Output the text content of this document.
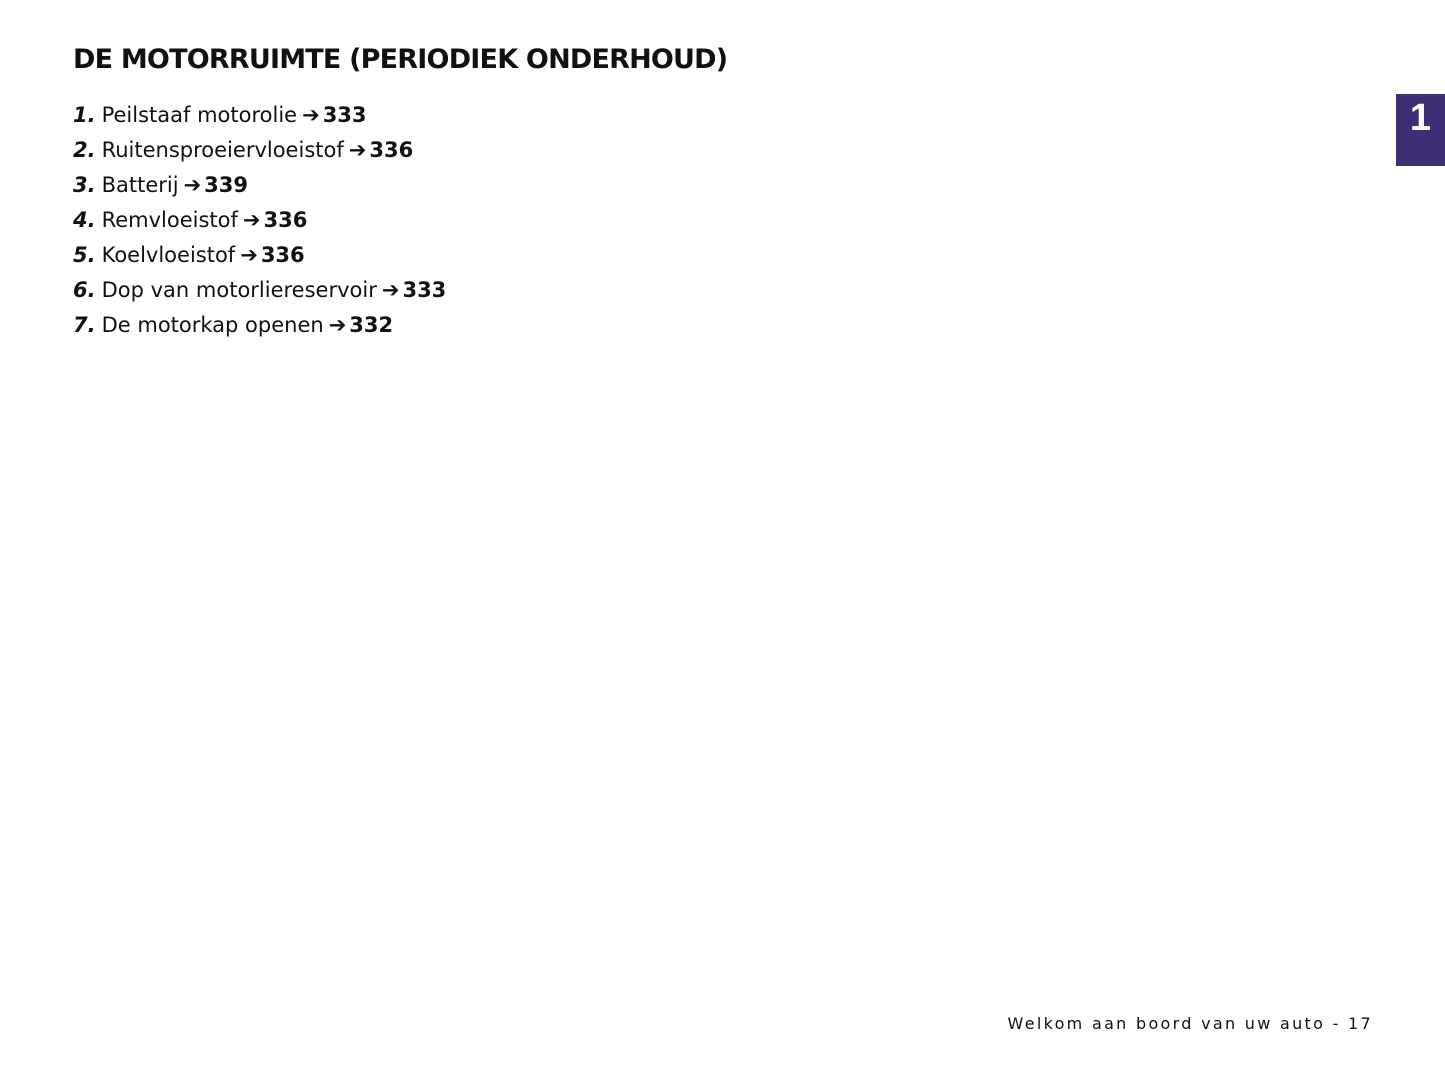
DE MOTORRUIMTE (PERIODIEK ONDERHOUD)
1
1. Peilstaaf motorolie ➔ 333
2. Ruitensproeiervloeistof ➔ 336
3. Batterij ➔ 339
4. Remvloeistof ➔ 336
5. Koelvloeistof ➔ 336
6. Dop van motorliereservoir ➔ 333
7. De motorkap openen ➔ 332
Welkom aan boord van uw auto - 17
